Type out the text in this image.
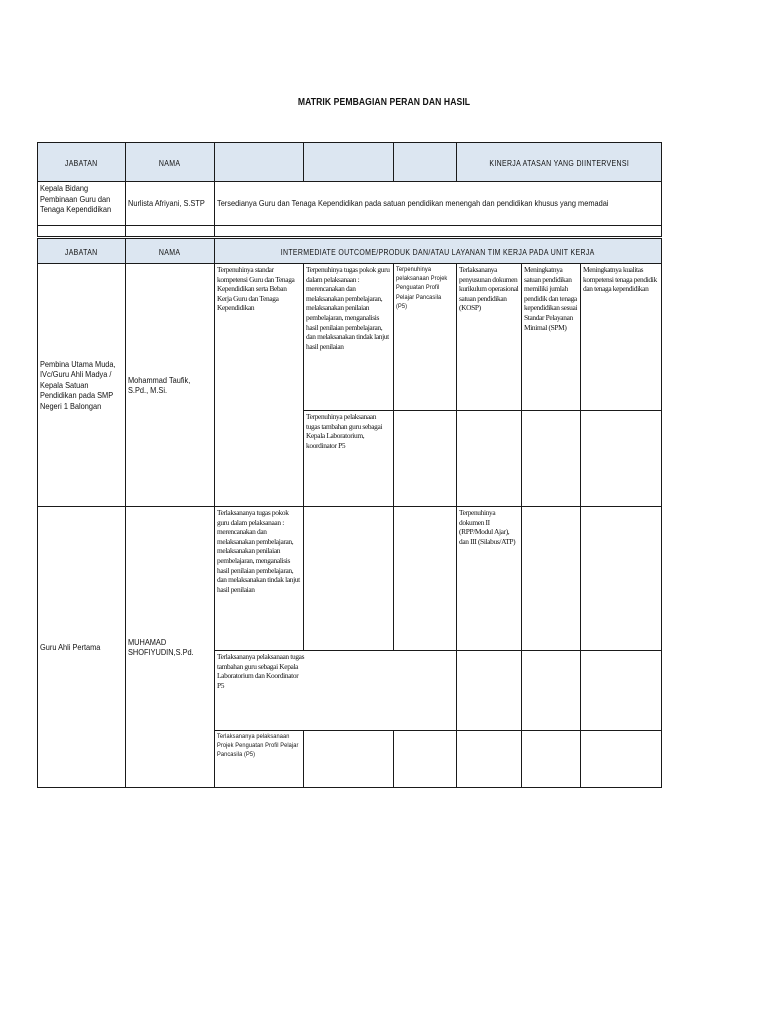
MATRIK PEMBAGIAN PERAN DAN HASIL
JABATAN	NAMA				KINERJA ATASAN YANG DIINTERVENSI

Kepala Bidang Pembinaan Guru dan Tenaga Kependidikan	Nurlista Afriyani, S.STP	Tersedianya Guru dan Tenaga Kependidikan pada satuan pendidikan menengah dan pendidikan khusus yang memadai			

JABATAN	NAMA	INTERMEDIATE OUTCOME/PRODUK DAN/ATAU LAYANAN TIM KERJA PADA UNIT KERJA					

Pembina Utama Muda, IVc/Guru Ahli Madya / Kepala Satuan Pendidikan pada SMP Negeri 1 Balongan	Mohammad Taufik, S.Pd., M.Si.	Terpenuhinya standar kompetensi Guru dan Tenaga Kependidikan serta Beban Kerja Guru dan Tenaga Kependidikan	Terpenuhinya tugas pokok guru dalam pelaksanaan : merencanakan dan melaksanakan pembelajaran, melaksanakan penilaian pembelajaran, menganalisis hasil penilaian pembelajaran, dan melaksanakan tindak lanjut hasil penilaian	Terpenuhinya pelaksanaan Projek Penguatan Profil Pelajar Pancasila (P5)	Terlaksananya penyusunan dokumen kurikulum operasional satuan pendidikan (KOSP)	Meningkatnya satuan pendidikan memiliki jumlah pendidik dan tenaga kependidikan sesuai Standar Pelayanan Minimal (SPM)	Meningkatnya kualitas kompetensi tenaga pendidik dan tenaga kependidikan

			Terpenuhinya pelaksanaan tugas tambahan guru sebagai Kepala Laboratorium, koordinator P5				

Guru Ahli Pertama	MUHAMAD SHOFIYUDIN,S.Pd.	Terlaksananya tugas pokok guru dalam pelaksanaan : merencanakan dan melaksanakan pembelajaran, melaksanakan penilaian pembelajaran, menganalisis hasil penilaian pembelajaran, dan melaksanakan tindak lanjut hasil penilaian			Terpenuhinya dokumen II (RPP/Modul Ajar), dan III (Silabus/ATP)		

		Terlaksananya pelaksanaan tugas tambahan guru sebagai Kepala Laboratorium dan Koordinator P5					

		Terlaksananya pelaksanaan Projek Penguatan Profil Pelajar Pancasila (P5)					
